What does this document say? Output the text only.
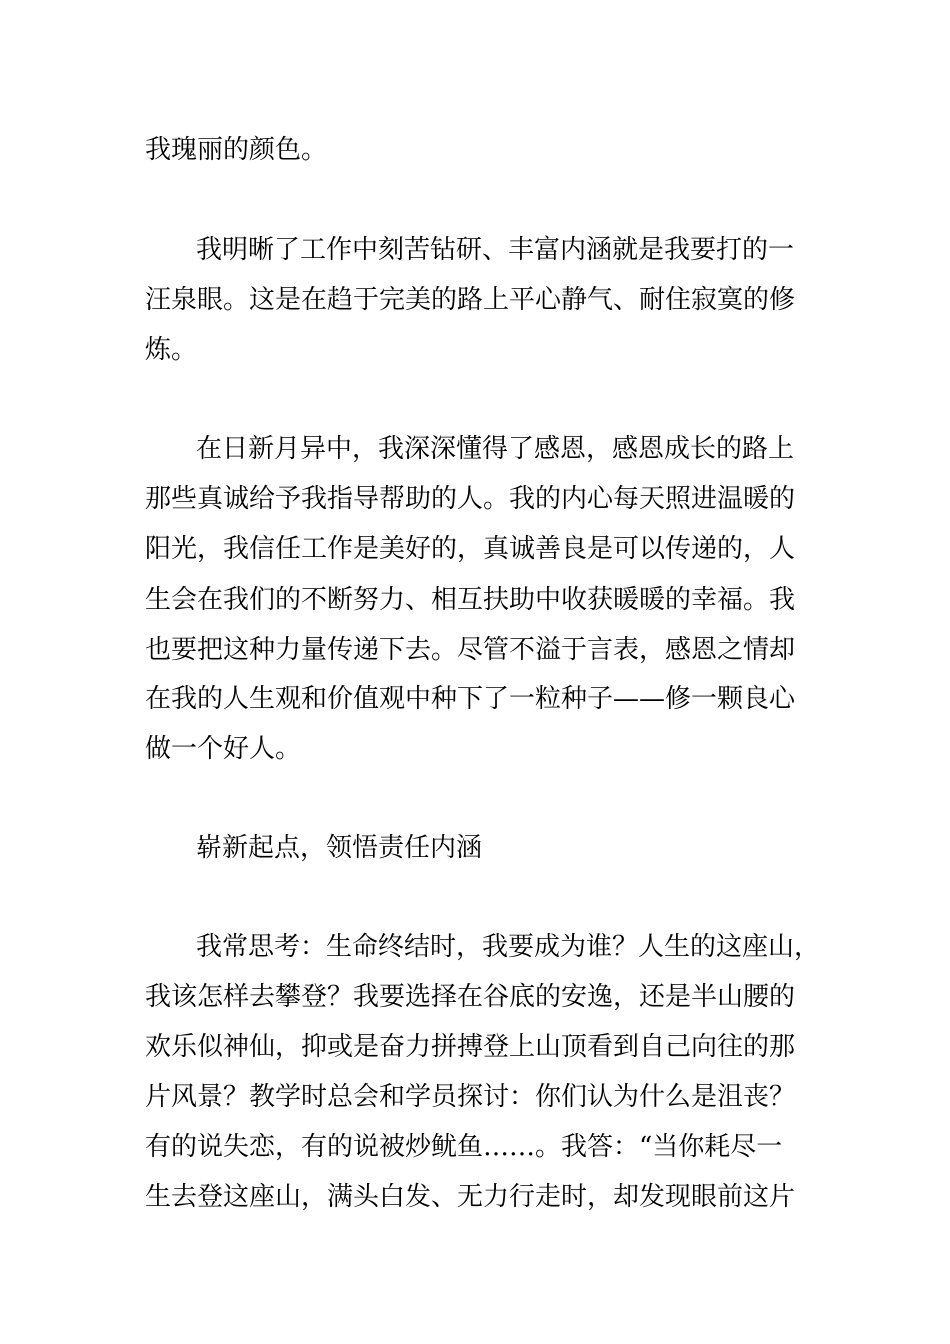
我瑰丽的颜色。
我明晰了工作中刻苦钻研、丰富内涵就是我要打的一
汪泉眼。这是在趋于完美的路上平心静气、耐住寂寞的修
炼。
在日新月异中，我深深懂得了感恩，感恩成长的路上
那些真诚给予我指导帮助的人。我的内心每天照进温暖的
阳光，我信任工作是美好的，真诚善良是可以传递的，人
生会在我们的不断努力、相互扶助中收获暖暖的幸福。我
也要把这种力量传递下去。尽管不溢于言表，感恩之情却
在我的人生观和价值观中种下了一粒种子——修一颗良心
做一个好人。
崭新起点，领悟责任内涵
我常思考：生命终结时，我要成为谁？人生的这座山，
我该怎样去攀登？我要选择在谷底的安逸，还是半山腰的
欢乐似神仙，抑或是奋力拼搏登上山顶看到自己向往的那
片风景？教学时总会和学员探讨：你们认为什么是沮丧？
有的说失恋，有的说被炒鱿鱼……。我答：“当你耗尽一
生去登这座山，满头白发、无力行走时，却发现眼前这片
